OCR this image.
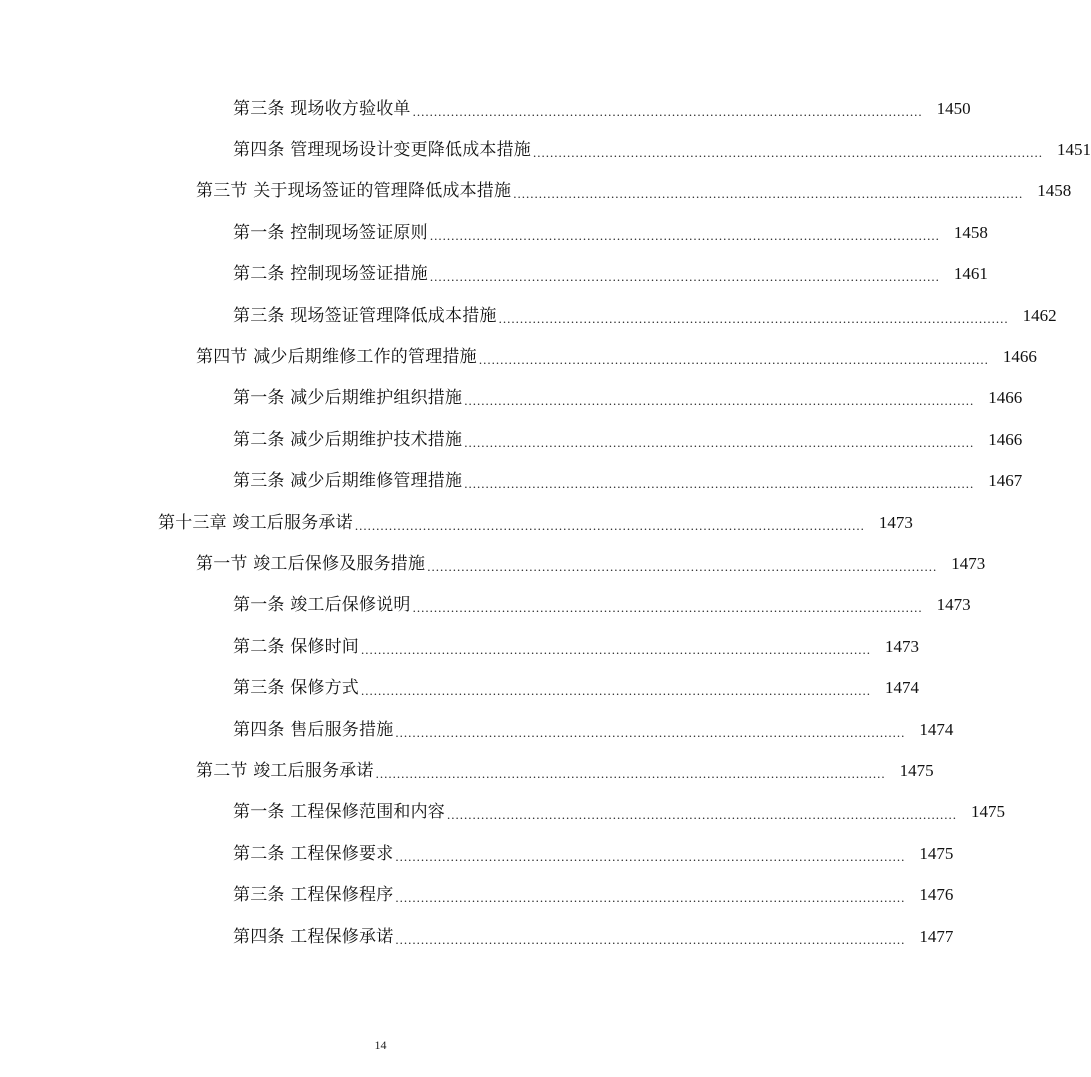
第三条 现场收方验收单 ........................................................................................................................ 1450
第四条 管理现场设计变更降低成本措施 ........................................................................................................................ 1451
第三节 关于现场签证的管理降低成本措施 ........................................................................................................................ 1458
第一条 控制现场签证原则 ........................................................................................................................ 1458
第二条 控制现场签证措施 ........................................................................................................................ 1461
第三条 现场签证管理降低成本措施 ........................................................................................................................ 1462
第四节 减少后期维修工作的管理措施 ........................................................................................................................ 1466
第一条 减少后期维护组织措施 ........................................................................................................................ 1466
第二条 减少后期维护技术措施 ........................................................................................................................ 1466
第三条 减少后期维修管理措施 ........................................................................................................................ 1467
第十三章 竣工后服务承诺 ........................................................................................................................ 1473
第一节 竣工后保修及服务措施 ........................................................................................................................ 1473
第一条 竣工后保修说明 ........................................................................................................................ 1473
第二条 保修时间 ........................................................................................................................ 1473
第三条 保修方式 ........................................................................................................................ 1474
第四条 售后服务措施 ........................................................................................................................ 1474
第二节 竣工后服务承诺 ........................................................................................................................ 1475
第一条 工程保修范围和内容 ........................................................................................................................ 1475
第二条 工程保修要求 ........................................................................................................................ 1475
第三条 工程保修程序 ........................................................................................................................ 1476
第四条 工程保修承诺 ........................................................................................................................ 1477
14
